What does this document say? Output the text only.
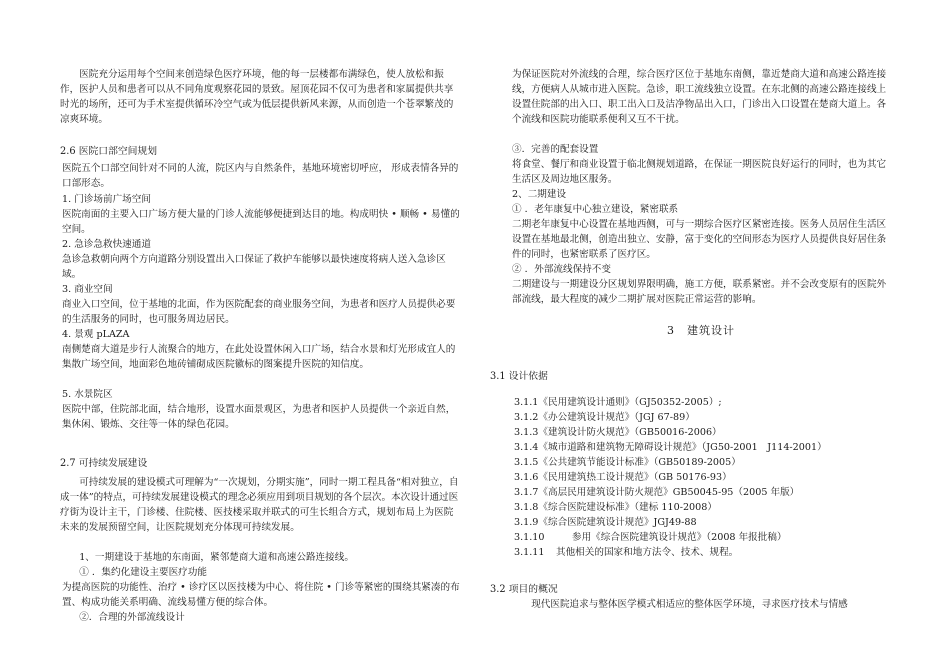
医院充分运用每个空间来创造绿色医疗环境，他的每一层楼都布满绿色，使人放松和振作，医护人员和患者可以从不同角度观察花园的景致。屋顶花园不仅可为患者和家属提供共享时光的场所，还可为手术室提供循环冷空气或为低层提供新风来源，从而创造一个苍翠繁茂的凉爽环境。

2.6 医院口部空间规划

医院五个口部空间针对不同的人流，院区内与自然条件，基地环境密切呼应， 形成表情各异的口部形态。

1. 门诊场前广场空间

医院南面的主要入口广场方便大量的门诊人流能够便捷到达目的地。构成明快 • 顺畅 • 易懂的空间。

2. 急诊急救快速通道

急诊急救朝向两个方向道路分别设置出入口保证了救护车能够以最快速度将病人送入急诊区域。

3. 商业空间

商业入口空间，位于基地的北面，作为医院配套的商业服务空间，为患者和医疗人员提供必要的生活服务的同时，也可服务周边居民。

4. 景观 pLAZA

南侧楚商大道是步行人流聚合的地方，在此处设置休闲入口广场，结合水景和灯光形成宜人的集散广场空间，地面彩色地砖铺砌成医院徽标的图案提升医院的知信度。

5. 水景院区

医院中部，住院部北面，结合地形，设置水面景观区，为患者和医护人员提供一个亲近自然， 集休闲、锻炼、交往等一体的绿色花园。

2.7 可持续发展建设

可持续发展的建设模式可理解为“一次规划，分期实施”，同时一期工程具备“相对独立，自成一体”的特点，可持续发展建设模式的理念必须应用到项目规划的各个层次。本次设计通过医疗街为设计主干，门诊楼、住院楼、医技楼采取并联式的可生长组合方式，规划布局上为医院未来的发展预留空间，让医院规划充分体现可持续发展。

1、一期建设于基地的东南面，紧邻楚商大道和高速公路连接线。

① ．集约化建设主要医疗功能

为提高医院的功能性、治疗 • 诊疗区以医技楼为中心、将住院 • 门诊等紧密的围绕其紧凑的布置、构成功能关系明确、流线易懂方便的综合体。

②．合理的外部流线设计

为保证医院对外流线的合理，综合医疗区位于基地东南侧，靠近楚商大道和高速公路连接线，方便病人从城市进入医院。急诊，职工流线独立设置。在东北侧的高速公路连接线上设置住院部的出入口、职工出入口及洁净物品出入口，门诊出入口设置在楚商大道上。各个流线和医院功能联系便利又互不干扰。

③．完善的配套设置

将食堂、餐厅和商业设置于临北侧规划道路，在保证一期医院良好运行的同时，也为其它生活区及周边地区服务。

2、二期建设

① ．老年康复中心独立建设，紧密联系

二期老年康复中心设置在基地西侧，可与一期综合医疗区紧密连接。医务人员居住生活区设置在基地最北侧，创造出独立、安静，富于变化的空间形态为医疗人员提供良好居住条件的同时，也紧密联系了医疗区。

② ．外部流线保持不变

二期建设与一期建设分区规划界限明确，施工方便，联系紧密。并不会改变原有的医院外部流线，最大程度的减少二期扩展对医院正常运营的影响。

3　建筑设计

3.1 设计依据

3.1.1《民用建筑设计通则》（GJ50352-2005）;
3.1.2《办公建筑设计规范》（JGJ 67-89）
3.1.3《建筑设计防火规范》（GB50016-2006）
3.1.4《城市道路和建筑物无障碍设计规范》（JG50-2001　J114-2001）
3.1.5《公共建筑节能设计标准》（GB50189-2005）
3.1.6《民用建筑热工设计规范》（GB 50176-93）
3.1.7《高层民用建筑设计防火规范》GB50045-95（2005 年版）
3.1.8《综合医院建设标准》（建标 110-2008）
3.1.9《综合医院建筑设计规范》JGJ49-88
3.1.10	参用《综合医院建筑设计规范》（2008 年报批稿）
3.1.11 其他相关的国家和地方法令、技术、规程。

3.2 项目的概况

现代医院追求与整体医学模式相适应的整体医学环境，寻求医疗技术与情感
